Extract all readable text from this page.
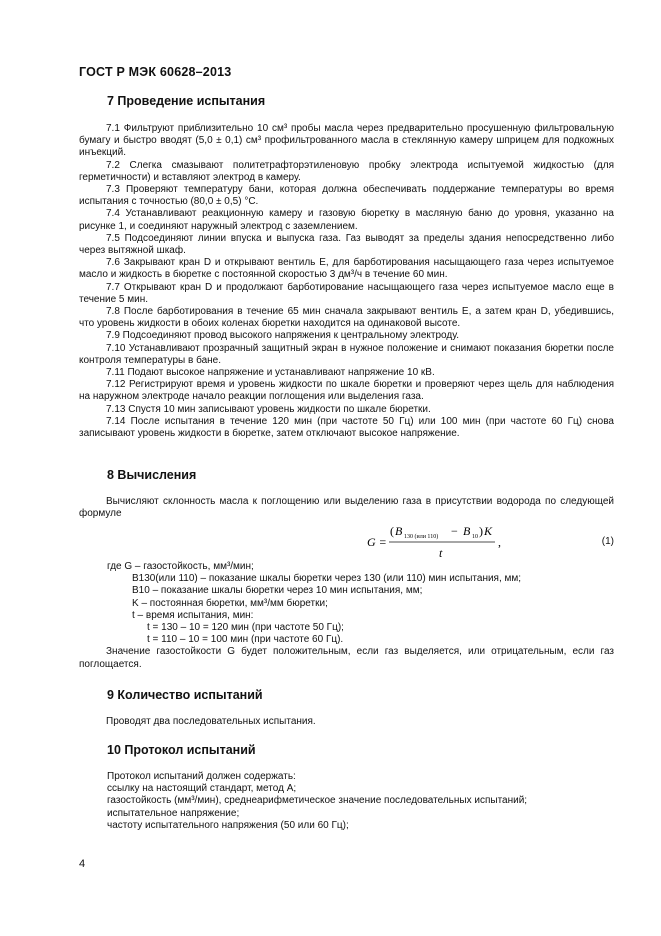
ГОСТ Р МЭК 60628–2013
7 Проведение испытания

7.1 Фильтруют приблизительно 10 см³ пробы масла через предварительно просушенную фильтровальную бумагу и быстро вводят (5,0 ± 0,1) см³ профильтрованного масла в стеклянную камеру шприцем для подкожных инъекций.

7.2 Слегка смазывают политетрафторэтиленовую пробку электрода испытуемой жидкостью (для герметичности) и вставляют электрод в камеру.

7.3 Проверяют температуру бани, которая должна обеспечивать поддержание температуры во время испытания с точностью (80,0 ± 0,5) °С.

7.4 Устанавливают реакционную камеру и газовую бюретку в масляную баню до уровня, указанно на рисунке 1, и соединяют наружный электрод с заземлением.

7.5 Подсоединяют линии впуска и выпуска газа. Газ выводят за пределы здания непосредственно либо через вытяжной шкаф.

7.6 Закрывают кран D и открывают вентиль E, для барботирования насыщающего газа через испытуемое масло и жидкость в бюретке с постоянной скоростью 3 дм³/ч в течение 60 мин.

7.7 Открывают кран D и продолжают барботирование насыщающего газа через испытуемое масло еще в течение 5 мин.

7.8 После барботирования в течение 65 мин сначала закрывают вентиль E, а затем кран D, убедившись, что уровень жидкости в обоих коленах бюретки находится на одинаковой высоте.

7.9 Подсоединяют провод высокого напряжения к центральному электроду.

7.10 Устанавливают прозрачный защитный экран в нужное положение и снимают показания бюретки после контроля температуры в бане.

7.11 Подают высокое напряжение и устанавливают напряжение 10 кВ.

7.12 Регистрируют время и уровень жидкости по шкале бюретки и проверяют через щель для наблюдения на наружном электроде начало реакции поглощения или выделения газа.

7.13 Спустя 10 мин записывают уровень жидкости по шкале бюретки.

7.14 После испытания в течение 120 мин (при частоте 50 Гц) или 100 мин (при частоте 60 Гц) снова записывают уровень жидкости в бюретке, затем отключают высокое напряжение.

8 Вычисления

Вычисляют склонность масла к поглощению или выделению газа в присутствии водорода по следующей формуле

G =
( B 130 (или 110) − B 10 ) K
t
,	(1)

где G – газостойкость, мм³/мин;

B130(или 110) – показание шкалы бюретки через 130 (или 110) мин испытания, мм;

B10 – показание шкалы бюретки через 10 мин испытания, мм;

K – постоянная бюретки, мм³/мм бюретки;

t – время испытания, мин:

t = 130 – 10 = 120 мин (при частоте 50 Гц);

t = 110 – 10 = 100 мин (при частоте 60 Гц).

Значение газостойкости G будет положительным, если газ выделяется, или отрицательным, если газ поглощается.

9 Количество испытаний

Проводят два последовательных испытания.

10 Протокол испытаний

Протокол испытаний должен содержать:

ссылку на настоящий стандарт, метод А;

газостойкость (мм³/мин), среднеарифметическое значение последовательных испытаний;

испытательное напряжение;

частоту испытательного напряжения (50 или 60 Гц);

4
